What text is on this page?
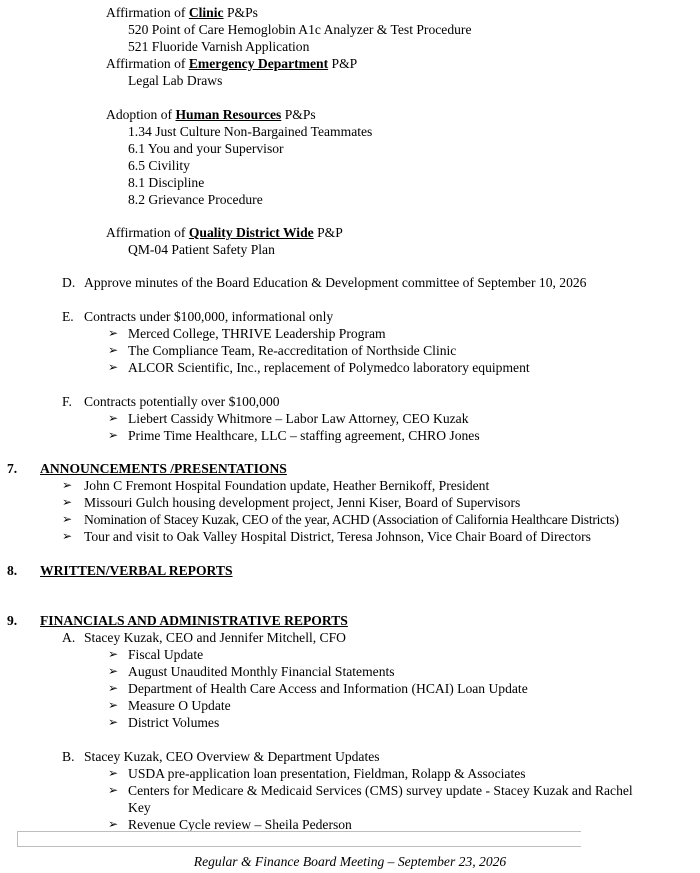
Affirmation of Clinic P&Ps
520 Point of Care Hemoglobin A1c Analyzer & Test Procedure
521 Fluoride Varnish Application
Affirmation of Emergency Department P&P
Legal Lab Draws
Adoption of Human Resources P&Ps
1.34 Just Culture Non-Bargained Teammates
6.1 You and your Supervisor
6.5 Civility
8.1 Discipline
8.2 Grievance Procedure
Affirmation of Quality District Wide P&P
QM-04 Patient Safety Plan
D. Approve minutes of the Board Education & Development committee of September 10, 2026
E. Contracts under $100,000, informational only
➢ Merced College, THRIVE Leadership Program
➢ The Compliance Team, Re-accreditation of Northside Clinic
➢ ALCOR Scientific, Inc., replacement of Polymedco laboratory equipment
F. Contracts potentially over $100,000
➢ Liebert Cassidy Whitmore – Labor Law Attorney, CEO Kuzak
➢ Prime Time Healthcare, LLC – staffing agreement, CHRO Jones
7. ANNOUNCEMENTS /PRESENTATIONS
➢ John C Fremont Hospital Foundation update, Heather Bernikoff, President
➢ Missouri Gulch housing development project, Jenni Kiser, Board of Supervisors
➢ Nomination of Stacey Kuzak, CEO of the year, ACHD (Association of California Healthcare Districts)
➢ Tour and visit to Oak Valley Hospital District, Teresa Johnson, Vice Chair Board of Directors
8. WRITTEN/VERBAL REPORTS
9. FINANCIALS AND ADMINISTRATIVE REPORTS
A. Stacey Kuzak, CEO and Jennifer Mitchell, CFO
➢ Fiscal Update
➢ August Unaudited Monthly Financial Statements
➢ Department of Health Care Access and Information (HCAI) Loan Update
➢ Measure O Update
➢ District Volumes
B. Stacey Kuzak, CEO Overview & Department Updates
➢ USDA pre-application loan presentation, Fieldman, Rolapp & Associates
➢ Centers for Medicare & Medicaid Services (CMS) survey update - Stacey Kuzak and Rachel
Key
➢ Revenue Cycle review – Sheila Pederson
Regular & Finance Board Meeting – September 23, 2026
